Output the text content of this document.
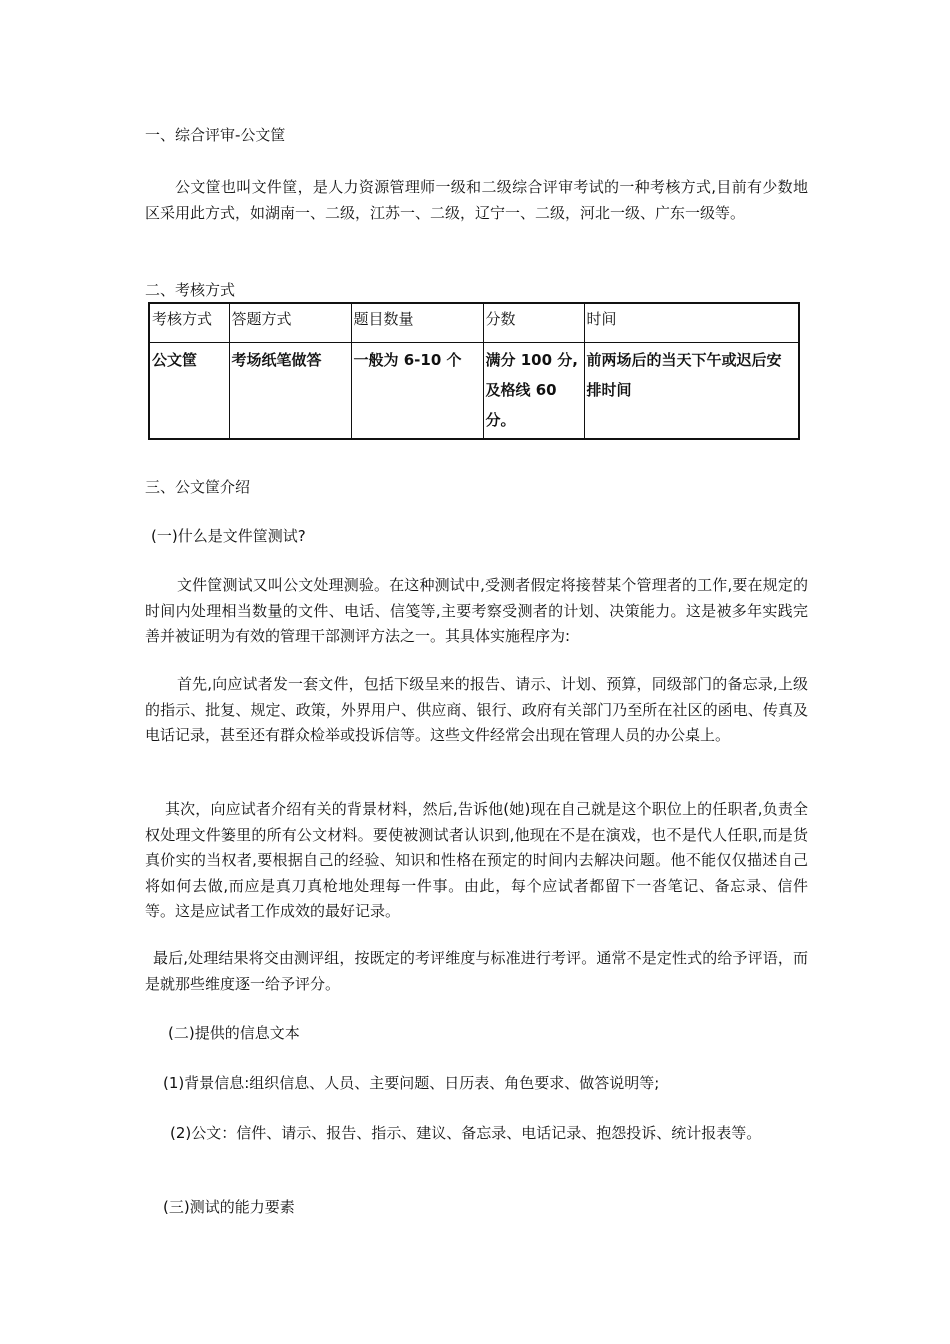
一、综合评审-公文筐
公文筐也叫文件筐，是人力资源管理师一级和二级综合评审考试的一种考核方式,目前有少数地区采用此方式，如湖南一、二级，江苏一、二级，辽宁一、二级，河北一级、广东一级等。
二、考核方式
考核方式	答题方式	题目数量	分数	时间
公文筐	考场纸笔做答	一般为 6-10 个	满分 100 分,及格线 60 分。	前两场后的当天下午或迟后安排时间
三、公文筐介绍
(一)什么是文件筐测试?
文件筐测试又叫公文处理测验。在这种测试中,受测者假定将接替某个管理者的工作,要在规定的时间内处理相当数量的文件、电话、信笺等,主要考察受测者的计划、决策能力。这是被多年实践完善并被证明为有效的管理干部测评方法之一。其具体实施程序为:
首先,向应试者发一套文件，包括下级呈来的报告、请示、计划、预算，同级部门的备忘录,上级的指示、批复、规定、政策，外界用户、供应商、银行、政府有关部门乃至所在社区的函电、传真及电话记录，甚至还有群众检举或投诉信等。这些文件经常会出现在管理人员的办公桌上。
其次，向应试者介绍有关的背景材料，然后,告诉他(她)现在自己就是这个职位上的任职者,负责全权处理文件篓里的所有公文材料。要使被测试者认识到,他现在不是在演戏，也不是代人任职,而是货真价实的当权者,要根据自己的经验、知识和性格在预定的时间内去解决问题。他不能仅仅描述自己将如何去做,而应是真刀真枪地处理每一件事。由此，每个应试者都留下一沓笔记、备忘录、信件等。这是应试者工作成效的最好记录。
最后,处理结果将交由测评组，按既定的考评维度与标准进行考评。通常不是定性式的给予评语，而是就那些维度逐一给予评分。
(二)提供的信息文本
(1)背景信息:组织信息、人员、主要问题、日历表、角色要求、做答说明等;
(2)公文：信件、请示、报告、指示、建议、备忘录、电话记录、抱怨投诉、统计报表等。
(三)测试的能力要素
